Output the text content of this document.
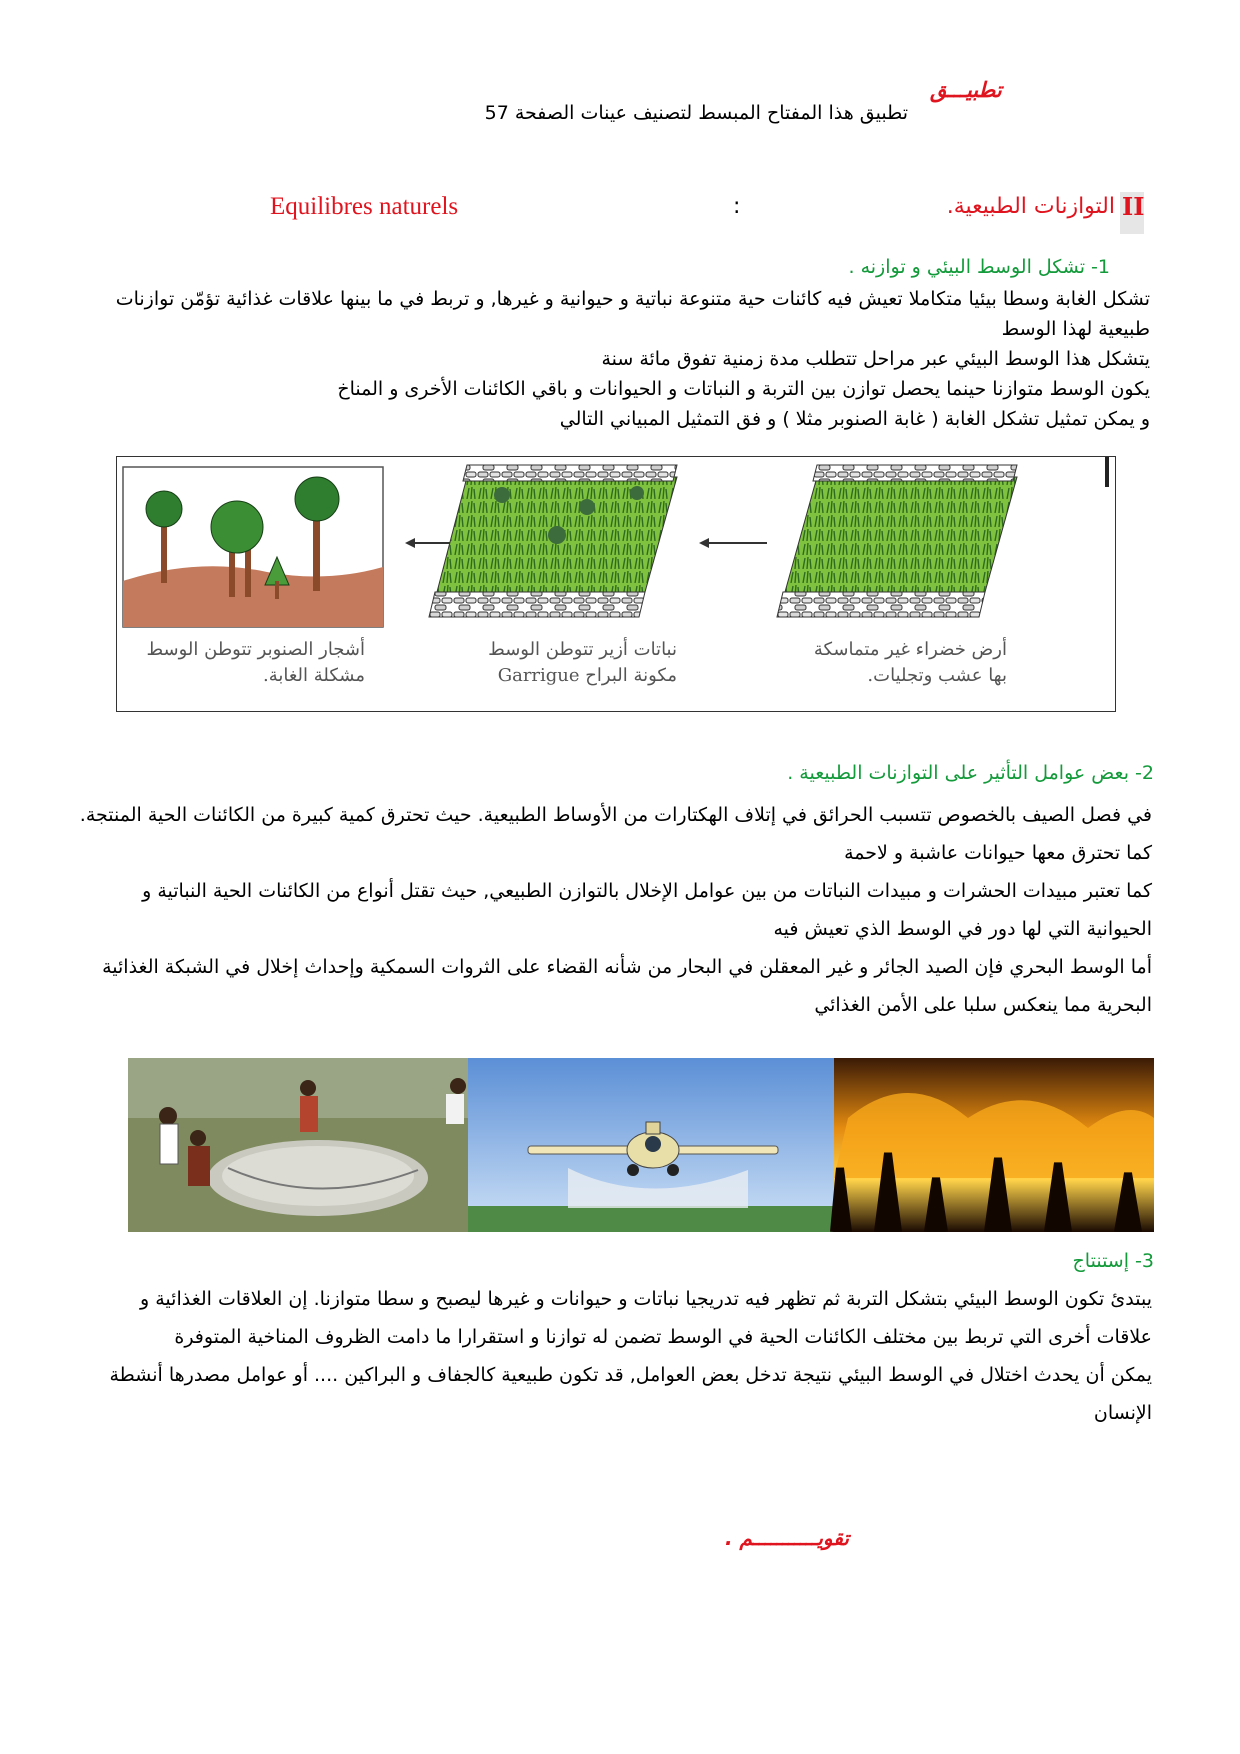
تطبيـــق
تطبيق هذا المفتاح المبسط لتصنيف عينات الصفحة 57
II
التوازنات الطبيعية.
:
Equilibres naturels
1- تشكل الوسط البيئي و توازنه .
تشكل الغابة وسطا بيئيا متكاملا تعيش فيه كائنات حية متنوعة نباتية و حيوانية و غيرها, و تربط في ما بينها علاقات غذائية تؤمّن توازنات
طبيعية لهذا الوسط
يتشكل هذا الوسط البيئي عبر مراحل تتطلب مدة زمنية تفوق مائة سنة
يكون الوسط متوازنا حينما يحصل توازن بين التربة و النباتات و الحيوانات و باقي الكائنات الأخرى و المناخ
و يمكن تمثيل تشكل الغابة ( غابة الصنوبر مثلا ) و فق التمثيل المبياني التالي
أشجار الصنوبر تتوطن الوسط
مشكلة الغابة.
نباتات أزير تتوطن الوسط
مكونة البراح Garrigue
أرض خضراء غير متماسكة
بها عشب وتجليات.
2- بعض عوامل التأثير على التوازنات الطبيعية .
في فصل الصيف بالخصوص تتسبب الحرائق في إتلاف الهكتارات من الأوساط الطبيعية. حيث تحترق كمية كبيرة من الكائنات الحية المنتجة.
كما تحترق معها حيوانات عاشبة و لاحمة
كما تعتبر مبيدات الحشرات و مبيدات النباتات من بين عوامل الإخلال بالتوازن الطبيعي, حيث تقتل أنواع من الكائنات الحية النباتية و
الحيوانية التي لها دور في الوسط الذي تعيش فيه
أما الوسط البحري فإن الصيد الجائر و غير المعقلن في البحار من شأنه القضاء على الثروات السمكية وإحداث إخلال في الشبكة الغذائية
البحرية مما ينعكس سلبا على الأمن الغذائي
3- إستنتاج
يبتدئ تكون الوسط البيئي بتشكل التربة ثم تظهر فيه تدريجيا نباتات و حيوانات و غيرها ليصبح و سطا متوازنا. إن العلاقات الغذائية و
علاقات أخرى التي تربط بين مختلف الكائنات الحية في الوسط تضمن له توازنا و استقرارا ما دامت الظروف المناخية المتوفرة
يمكن أن يحدث اختلال في الوسط البيئي نتيجة تدخل بعض العوامل, قد تكون طبيعية كالجفاف و البراكين .... أو عوامل مصدرها أنشطة
الإنسان
تقويـــــــــــم .
